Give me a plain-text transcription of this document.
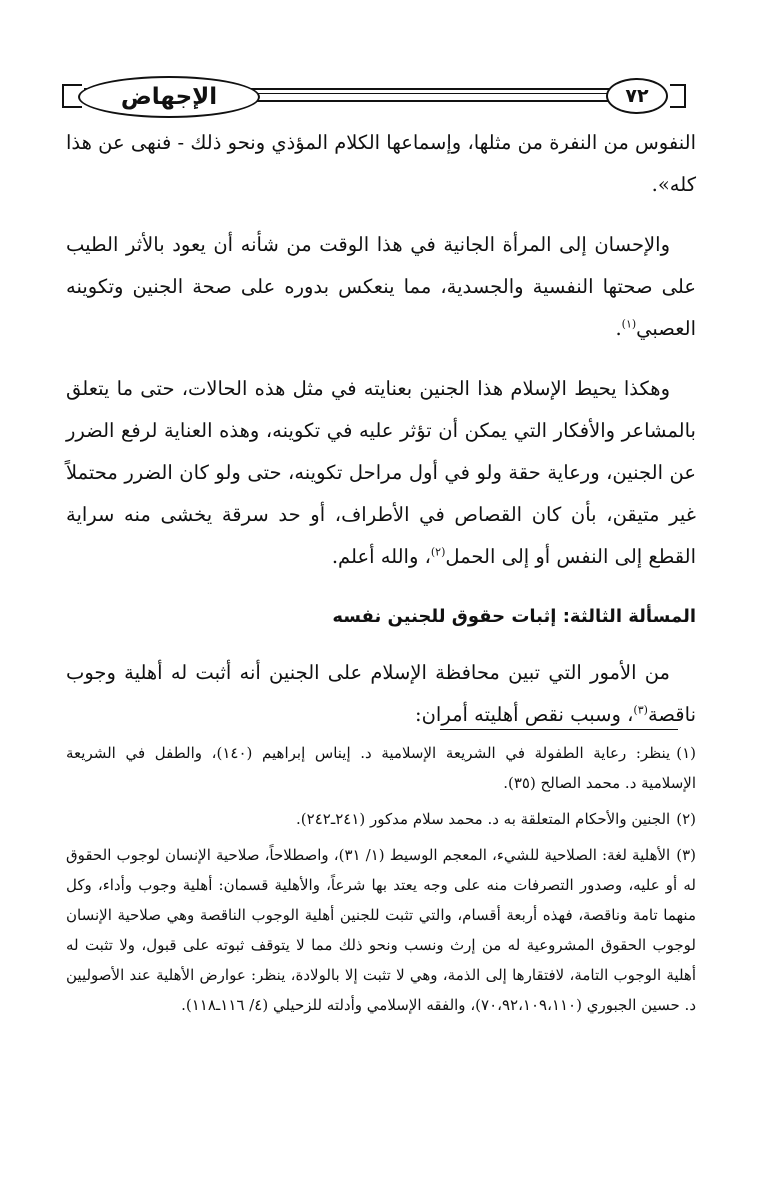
الإجهاض	٧٢

النفوس من النفرة من مثلها، وإسماعها الكلام المؤذي ونحو ذلك - فنهى عن هذا كله».

والإحسان إلى المرأة الجانية في هذا الوقت من شأنه أن يعود بالأثر الطيب على صحتها النفسية والجسدية، مما ينعكس بدوره على صحة الجنين وتكوينه العصبي$^{(١)}$.

وهكذا يحيط الإسلام هذا الجنين بعنايته في مثل هذه الحالات، حتى ما يتعلق بالمشاعر والأفكار التي يمكن أن تؤثر عليه في تكوينه، وهذه العناية لرفع الضرر عن الجنين، ورعاية حقة ولو في أول مراحل تكوينه، حتى ولو كان الضرر محتملاً غير متيقن، بأن كان القصاص في الأطراف، أو حد سرقة يخشى منه سراية القطع إلى النفس أو إلى الحمل$^{(٢)}$، والله أعلم.

المسألة الثالثة: إثبات حقوق للجنين نفسه

من الأمور التي تبين محافظة الإسلام على الجنين أنه أثبت له أهلية وجوب ناقصة$^{(٣)}$، وسبب نقص أهليته أمران:

(١)ينظر: رعاية الطفولة في الشريعة الإسلامية د. إيناس إبراهيم (١٤٠)، والطفل في الشريعة الإسلامية د. محمد الصالح (٣٥).
(٢)الجنين والأحكام المتعلقة به د. محمد سلام مدكور (٢٤١ـ٢٤٢).
(٣)الأهلية لغة: الصلاحية للشيء، المعجم الوسيط (١/ ٣١)، واصطلاحاً، صلاحية الإنسان لوجوب الحقوق له أو عليه، وصدور التصرفات منه على وجه يعتد بها شرعاً، والأهلية قسمان: أهلية وجوب وأداء، وكل منهما تامة وناقصة، فهذه أربعة أقسام، والتي تثبت للجنين أهلية الوجوب الناقصة وهي صلاحية الإنسان لوجوب الحقوق المشروعية له من إرث ونسب ونحو ذلك مما لا يتوقف ثبوته على قبول، ولا تثبت له أهلية الوجوب التامة، لافتقارها إلى الذمة، وهي لا تثبت إلا بالولادة، ينظر: عوارض الأهلية عند الأصوليين د. حسين الجبوري (٧٠،٩٢،١٠٩،١١٠)، والفقه الإسلامي وأدلته للزحيلي (٤/ ١١٦ـ١١٨).
